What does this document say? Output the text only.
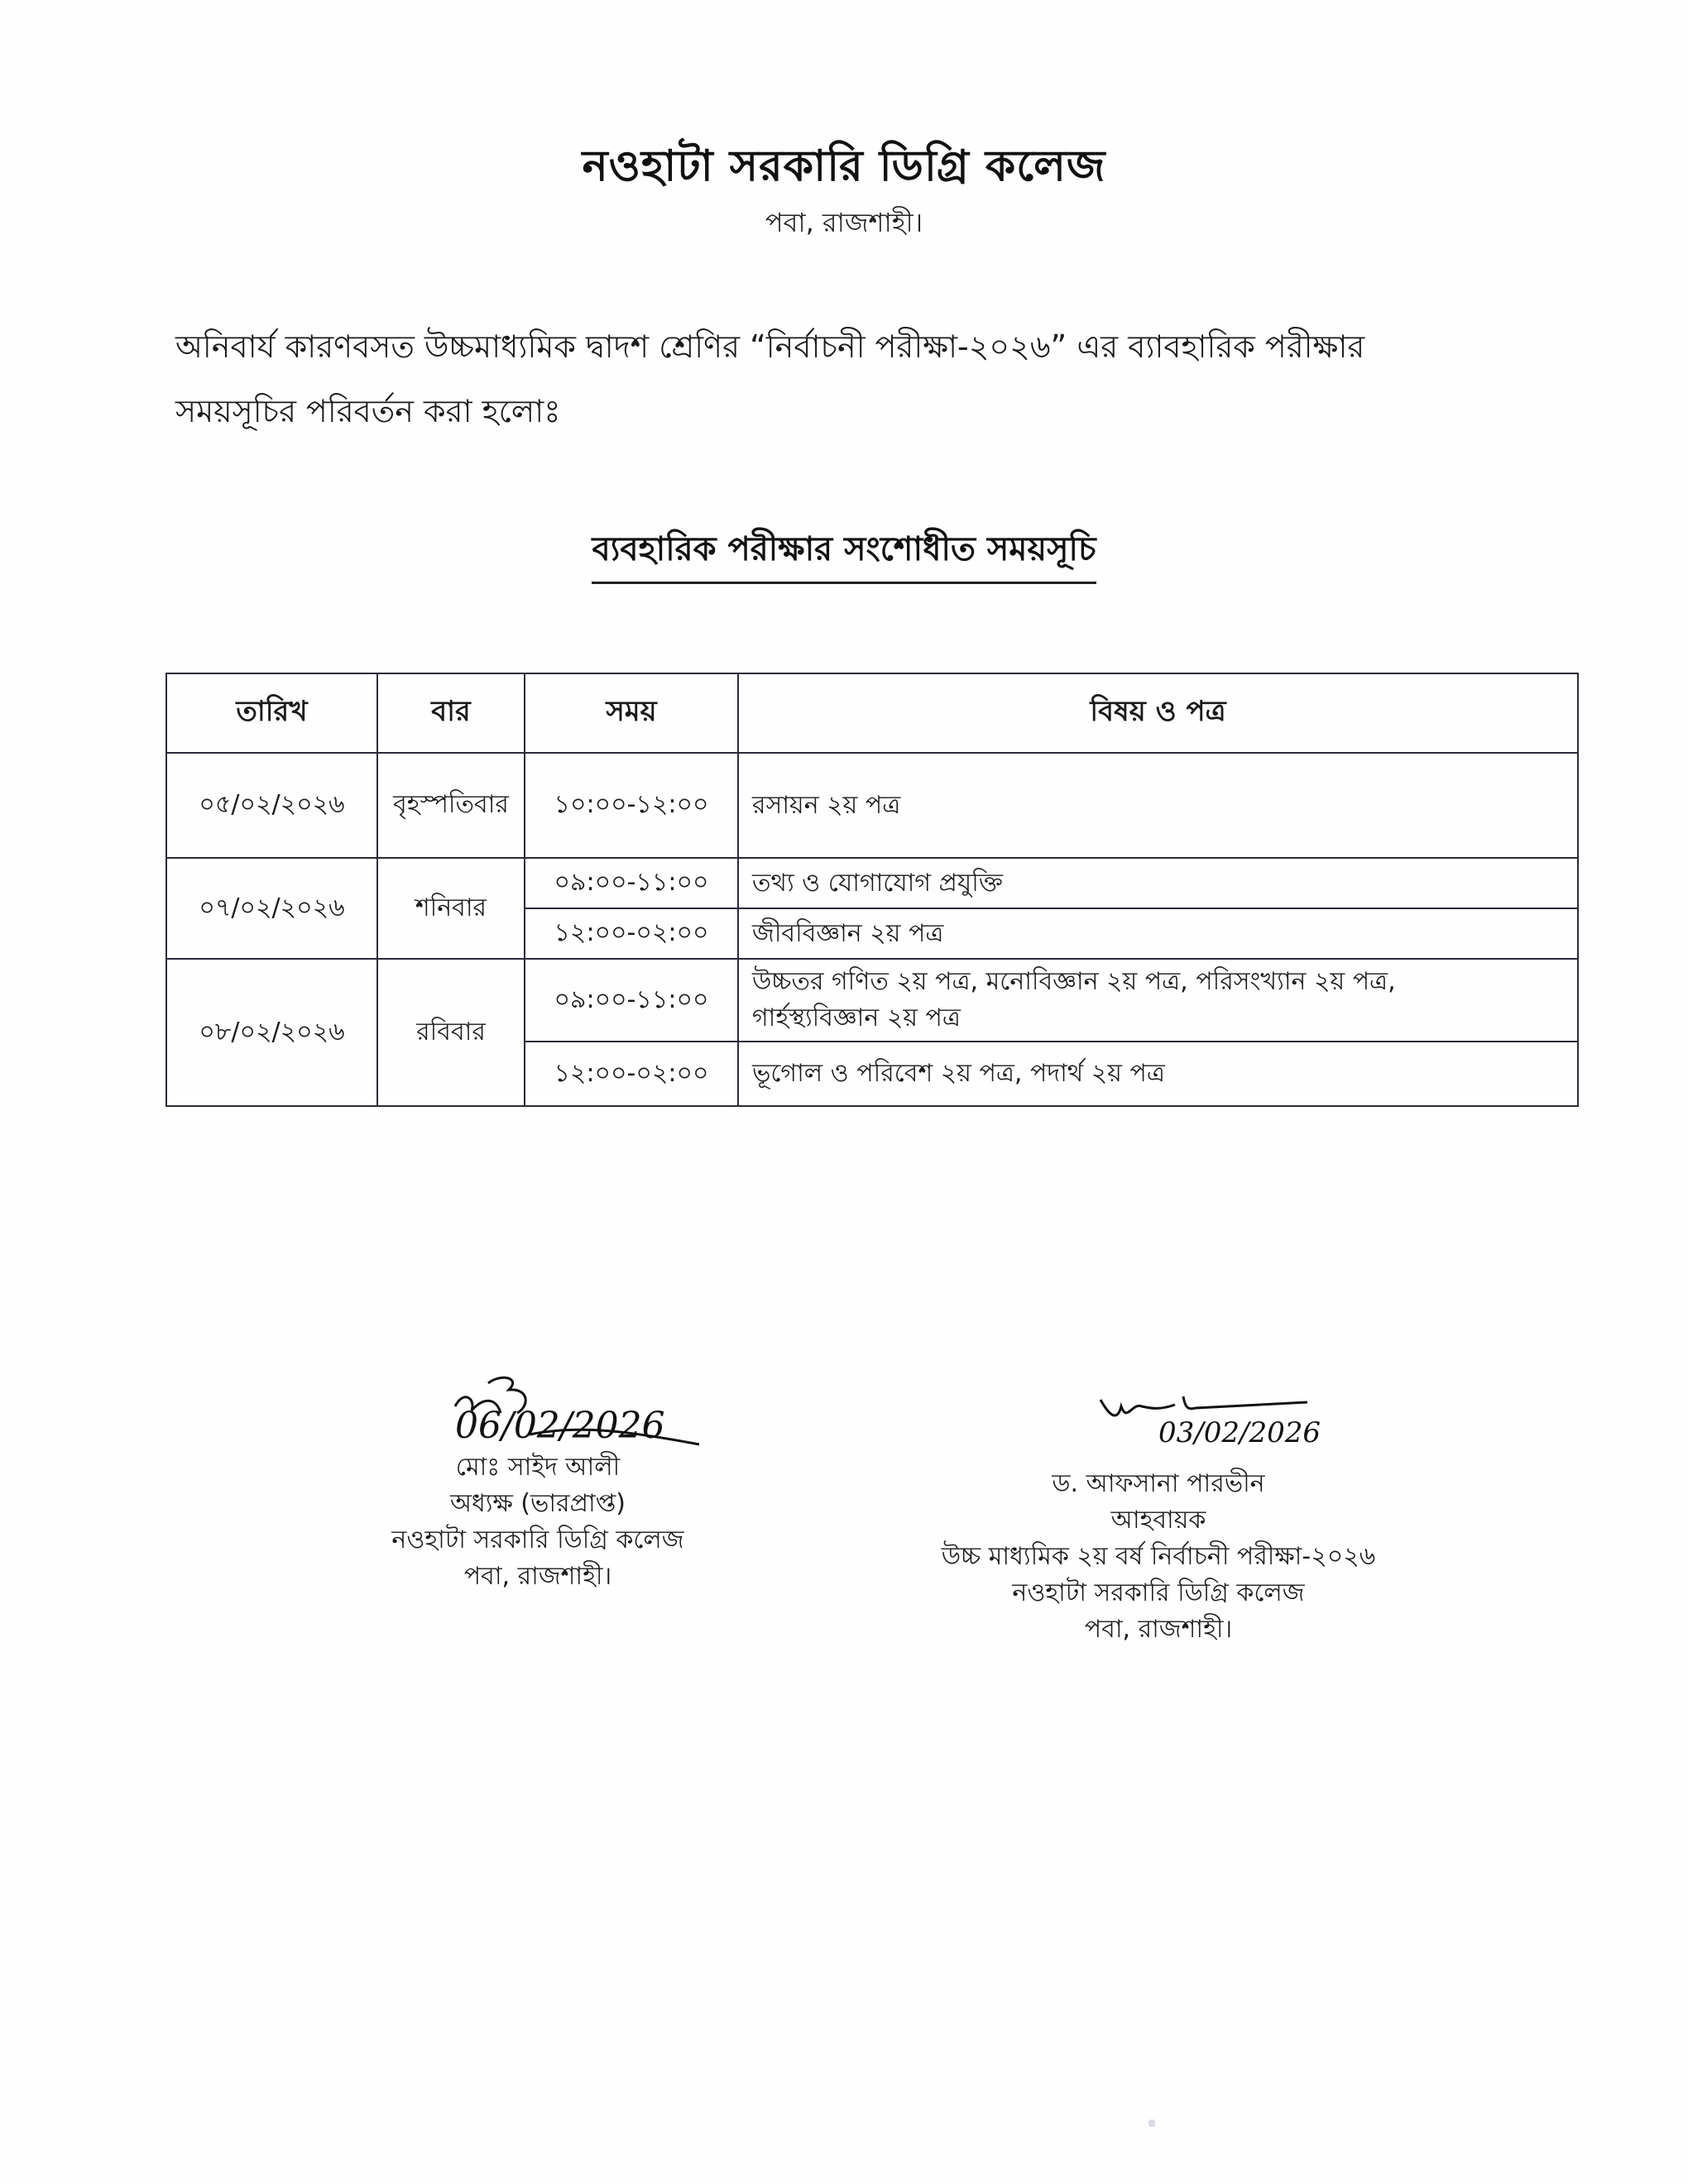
নওহাটা সরকারি ডিগ্রি কলেজ
পবা, রাজশাহী।
অনিবার্য কারণবসত উচ্চমাধ্যমিক দ্বাদশ শ্রেণির “নির্বাচনী পরীক্ষা-২০২৬” এর ব্যাবহারিক পরীক্ষার সময়সূচির পরিবর্তন করা হলোঃ
ব্যবহারিক পরীক্ষার সংশোধীত সময়সূচি
তারিখ	বার	সময়	বিষয় ও পত্র
০৫/০২/২০২৬	বৃহস্পতিবার	১০:০০-১২:০০	রসায়ন ২য় পত্র

০৭/০২/২০২৬	শনিবার	০৯:০০-১১:০০	তথ্য ও যোগাযোগ প্রযুক্তি

		১২:০০-০২:০০	জীববিজ্ঞান ২য় পত্র

০৮/০২/২০২৬	রবিবার	০৯:০০-১১:০০	উচ্চতর গণিত ২য় পত্র, মনোবিজ্ঞান ২য় পত্র, পরিসংখ্যান ২য় পত্র,
গার্হস্থ্যবিজ্ঞান ২য় পত্র

		১২:০০-০২:০০	ভূগোল ও পরিবেশ ২য় পত্র, পদার্থ ২য় পত্র
06/02/2026
মোঃ সাইদ আলী
অধ্যক্ষ (ভারপ্রাপ্ত)
নওহাটা সরকারি ডিগ্রি কলেজ
পবা, রাজশাহী।
03/02/2026
ড. আফসানা পারভীন
আহবায়ক
উচ্চ মাধ্যমিক ২য় বর্ষ নির্বাচনী পরীক্ষা-২০২৬
নওহাটা সরকারি ডিগ্রি কলেজ
পবা, রাজশাহী।
